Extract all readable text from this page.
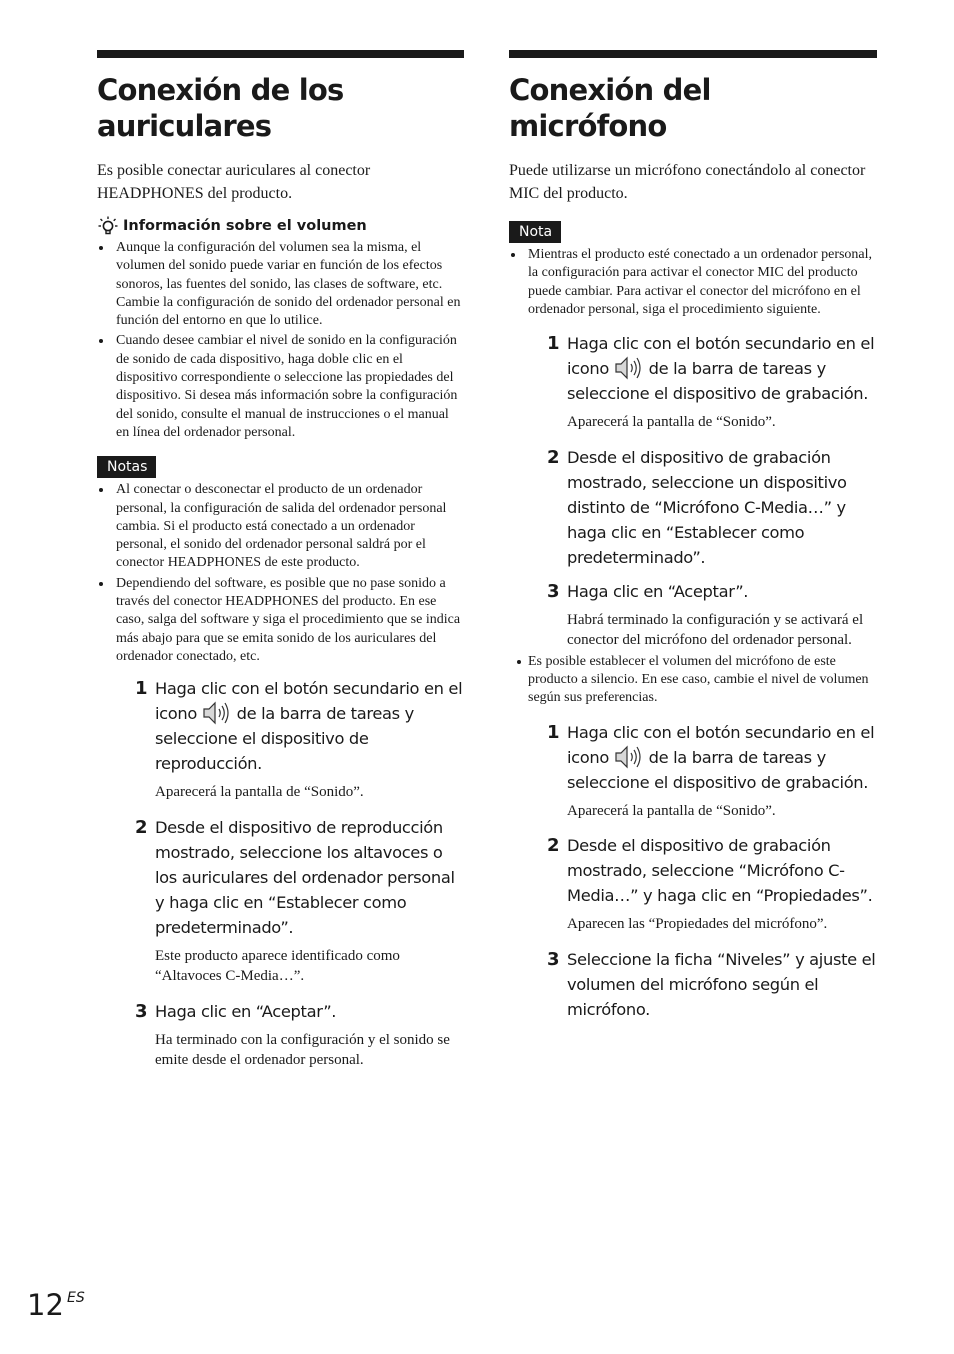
Conexión de los
auriculares

Es posible conectar auriculares al conector HEADPHONES del producto.

Información sobre el volumen
Aunque la configuración del volumen sea la misma, el volumen del sonido puede variar en función de los efectos sonoros, las fuentes del sonido, las clases de software, etc. Cambie la configuración de sonido del ordenador personal en función del entorno en que lo utilice.
Cuando desee cambiar el nivel de sonido en la configuración de sonido de cada dispositivo, haga doble clic en el dispositivo correspondiente o seleccione las propiedades del dispositivo. Si desea más información sobre la configuración del sonido, consulte el manual de instrucciones o el manual en línea del ordenador personal.
Notas
Al conectar o desconectar el producto de un ordenador personal, la configuración de salida del ordenador personal cambia. Si el producto está conectado a un ordenador personal, el sonido del ordenador personal saldrá por el conector HEADPHONES de este producto.
Dependiendo del software, es posible que no pase sonido a través del conector HEADPHONES del producto. En ese caso, salga del software y siga el procedimiento que se indica más abajo para que se emita sonido de los auriculares del ordenador conectado, etc.
1 Haga clic con el botón secundario en el icono de la barra de tareas y seleccione el dispositivo de reproducción.
Aparecerá la pantalla de “Sonido”.
2 Desde el dispositivo de reproducción mostrado, seleccione los altavoces o los auriculares del ordenador personal y haga clic en “Establecer como predeterminado”.
Este producto aparece identificado como “Altavoces C-Media…”.
3 Haga clic en “Aceptar”.
Ha terminado con la configuración y el sonido se emite desde el ordenador personal.
Conexión del micrófono

Puede utilizarse un micrófono conectándolo al conector MIC del producto.

Nota
Mientras el producto esté conectado a un ordenador personal, la configuración para activar el conector MIC del producto puede cambiar. Para activar el conector del micrófono en el ordenador personal, siga el procedimiento siguiente.
1 Haga clic con el botón secundario en el icono de la barra de tareas y seleccione el dispositivo de grabación.
Aparecerá la pantalla de “Sonido”.
2 Desde el dispositivo de grabación mostrado, seleccione un dispositivo distinto de “Micrófono C-Media…” y haga clic en “Establecer como predeterminado”.
3 Haga clic en “Aceptar”.
Habrá terminado la configuración y se activará el conector del micrófono del ordenador personal.
Es posible establecer el volumen del micrófono de este producto a silencio. En ese caso, cambie el nivel de volumen según sus preferencias.
1 Haga clic con el botón secundario en el icono de la barra de tareas y seleccione el dispositivo de grabación.
Aparecerá la pantalla de “Sonido”.
2 Desde el dispositivo de grabación mostrado, seleccione “Micrófono C-Media…” y haga clic en “Propiedades”.
Aparecen las “Propiedades del micrófono”.
3 Seleccione la ficha “Niveles” y ajuste el volumen del micrófono según el micrófono.
12 ES
